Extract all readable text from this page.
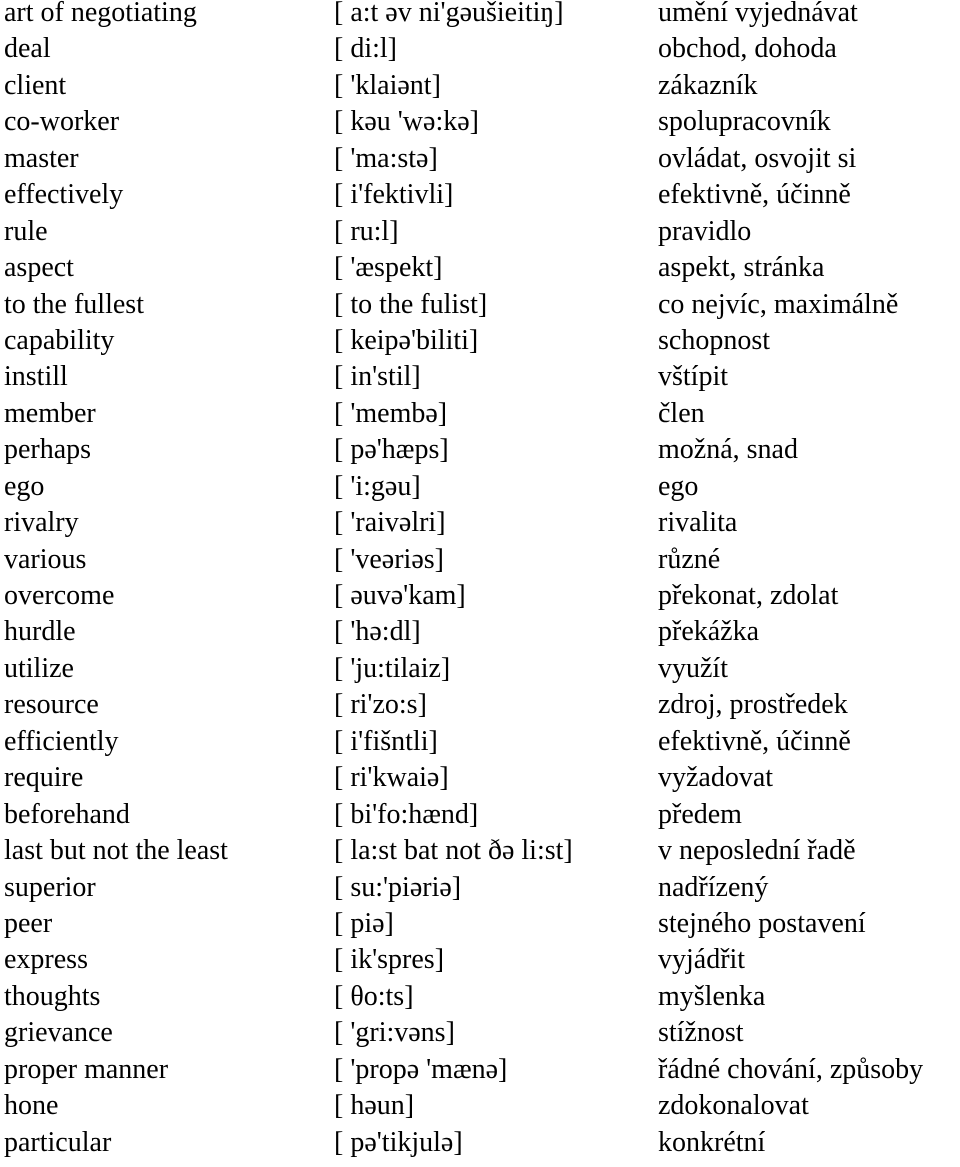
art of negotiating	[ a:t əv ni'gəušieitiŋ]	umění vyjednávat
deal	[ di:l]	obchod, dohoda
client	[ 'klaiənt]	zákazník
co-worker	[ kəu 'wə:kə]	spolupracovník
master	[ 'ma:stə]	ovládat, osvojit si
effectively	[ i'fektivli]	efektivně, účinně
rule	[ ru:l]	pravidlo
aspect	[ 'æspekt]	aspekt, stránka
to the fullest	[ to the fulist]	co nejvíc, maximálně
capability	[ keipə'biliti]	schopnost
instill	[ in'stil]	vštípit
member	[ 'membə]	člen
perhaps	[ pə'hæps]	možná, snad
ego	[ 'i:gəu]	ego
rivalry	[ 'raivəlri]	rivalita
various	[ 'veəriəs]	různé
overcome	[ əuvə'kam]	překonat, zdolat
hurdle	[ 'hə:dl]	překážka
utilize	[ 'ju:tilaiz]	využít
resource	[ ri'zo:s]	zdroj, prostředek
efficiently	[ i'fišntli]	efektivně, účinně
require	[ ri'kwaiə]	vyžadovat
beforehand	[ bi'fo:hænd]	předem
last but not the least	[ la:st bat not ðə li:st]	v neposlední řadě
superior	[ su:'piəriə]	nadřízený
peer	[ piə]	stejného postavení
express	[ ik'spres]	vyjádřit
thoughts	[ θo:ts]	myšlenka
grievance	[ 'gri:vəns]	stížnost
proper manner	[ 'propə 'mænə]	řádné chování, způsoby
hone	[ həun]	zdokonalovat
particular	[ pə'tikjulə]	konkrétní
